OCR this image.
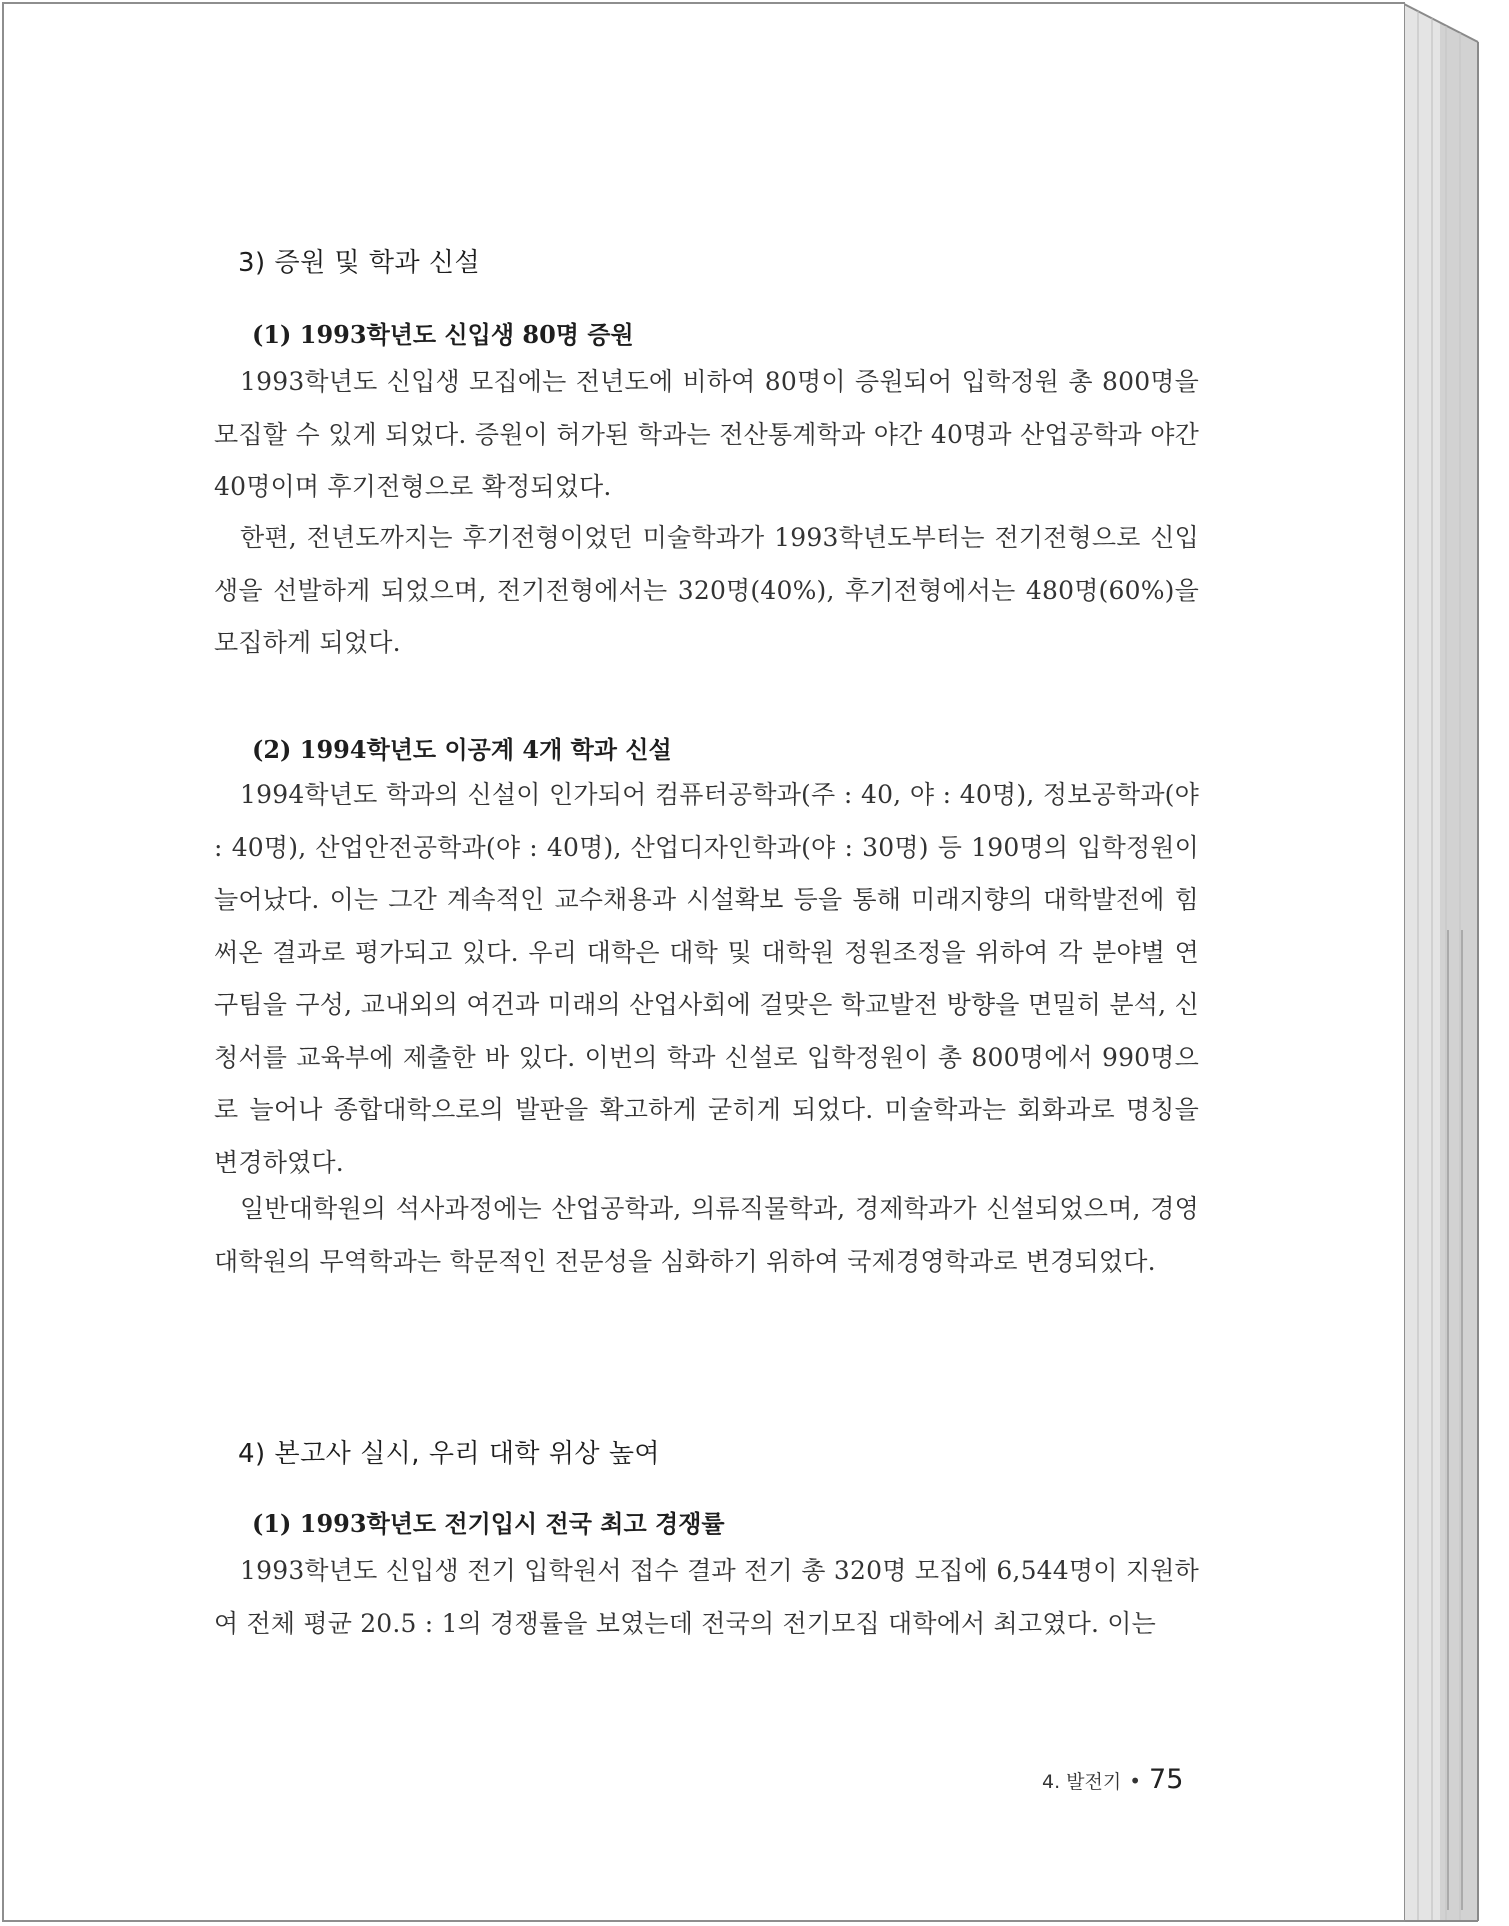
3) 증원 및 학과 신설
(1) 1993학년도 신입생 80명 증원

1993학년도 신입생 모집에는 전년도에 비하여 80명이 증원되어 입학정원 총 800명을 모집할 수 있게 되었다. 증원이 허가된 학과는 전산통계학과 야간 40명과 산업공학과 야간 40명이며 후기전형으로 확정되었다.

한편, 전년도까지는 후기전형이었던 미술학과가 1993학년도부터는 전기전형으로 신입생을 선발하게 되었으며, 전기전형에서는 320명(40%), 후기전형에서는 480명(60%)을 모집하게 되었다.

(2) 1994학년도 이공계 4개 학과 신설

1994학년도 학과의 신설이 인가되어 컴퓨터공학과(주 : 40, 야 : 40명), 정보공학과(야 : 40명), 산업안전공학과(야 : 40명), 산업디자인학과(야 : 30명) 등 190명의 입학정원이 늘어났다. 이는 그간 계속적인 교수채용과 시설확보 등을 통해 미래지향의 대학발전에 힘써온 결과로 평가되고 있다. 우리 대학은 대학 및 대학원 정원조정을 위하여 각 분야별 연구팀을 구성, 교내외의 여건과 미래의 산업사회에 걸맞은 학교발전 방향을 면밀히 분석, 신청서를 교육부에 제출한 바 있다. 이번의 학과 신설로 입학정원이 총 800명에서 990명으로 늘어나 종합대학으로의 발판을 확고하게 굳히게 되었다. 미술학과는 회화과로 명칭을 변경하였다.

일반대학원의 석사과정에는 산업공학과, 의류직물학과, 경제학과가 신설되었으며, 경영대학원의 무역학과는 학문적인 전문성을 심화하기 위하여 국제경영학과로 변경되었다.

4) 본고사 실시, 우리 대학 위상 높여
(1) 1993학년도 전기입시 전국 최고 경쟁률

1993학년도 신입생 전기 입학원서 접수 결과 전기 총 320명 모집에 6,544명이 지원하여 전체 평균 20.5 : 1의 경쟁률을 보였는데 전국의 전기모집 대학에서 최고였다. 이는

4. 발전기 • 75
